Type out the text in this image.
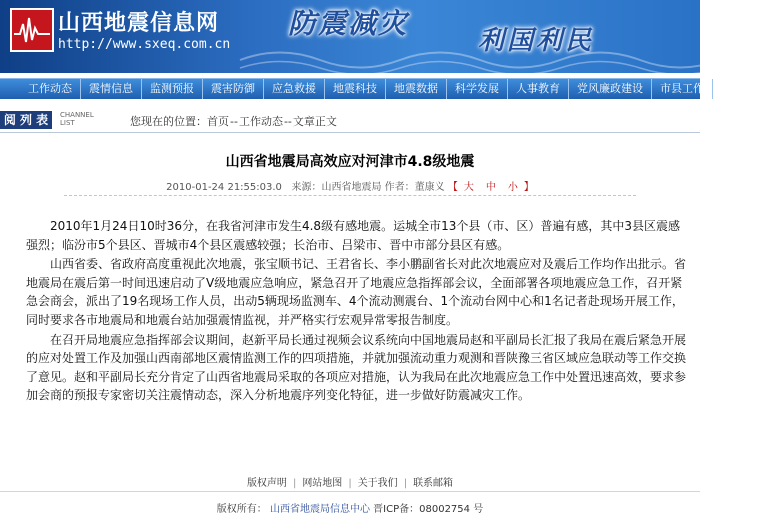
山西地震信息网
http://www.sxeq.com.cn
防震减灾
利国利民
工作动态	震情信息	监测预报	震害防御	应急救援	地震科技	地震数据	科学发展	人事教育	党风廉政建设	市县工作	地震学
阅 列 表	CHANNEL
LIST	您现在的位置：首页--工作动态--文章正文
山西省地震局高效应对河津市4.8级地震
2010-01-24 21:55:03.0 来源：山西省地震局 作者：董康义 【 大 中 小 】

2010年1月24日10时36分，在我省河津市发生4.8级有感地震。运城全市13个县（市、区）普遍有感，其中3县区震感强烈；临汾市5个县区、晋城市4个县区震感较强；长治市、吕梁市、晋中市部分县区有感。

山西省委、省政府高度重视此次地震，张宝顺书记、王君省长、李小鹏副省长对此次地震应对及震后工作均作出批示。省地震局在震后第一时间迅速启动了Ⅴ级地震应急响应，紧急召开了地震应急指挥部会议，全面部署各项地震应急工作，召开紧急会商会，派出了19名现场工作人员，出动5辆现场监测车、4个流动测震台、1个流动台网中心和1名记者赴现场开展工作，同时要求各市地震局和地震台站加强震情监视，并严格实行宏观异常零报告制度。

在召开局地震应急指挥部会议期间，赵新平局长通过视频会议系统向中国地震局赵和平副局长汇报了我局在震后紧急开展的应对处置工作及加强山西南部地区震情监测工作的四项措施，并就加强流动重力观测和晋陕豫三省区域应急联动等工作交换了意见。赵和平副局长充分肯定了山西省地震局采取的各项应对措施，认为我局在此次地震应急工作中处置迅速高效，要求参加会商的预报专家密切关注震情动态，深入分析地震序列变化特征，进一步做好防震减灾工作。

版权声明 | 网站地图 | 关于我们 | 联系邮箱
版权所有： 山西省地震局信息中心 晋ICP备：08002754 号
